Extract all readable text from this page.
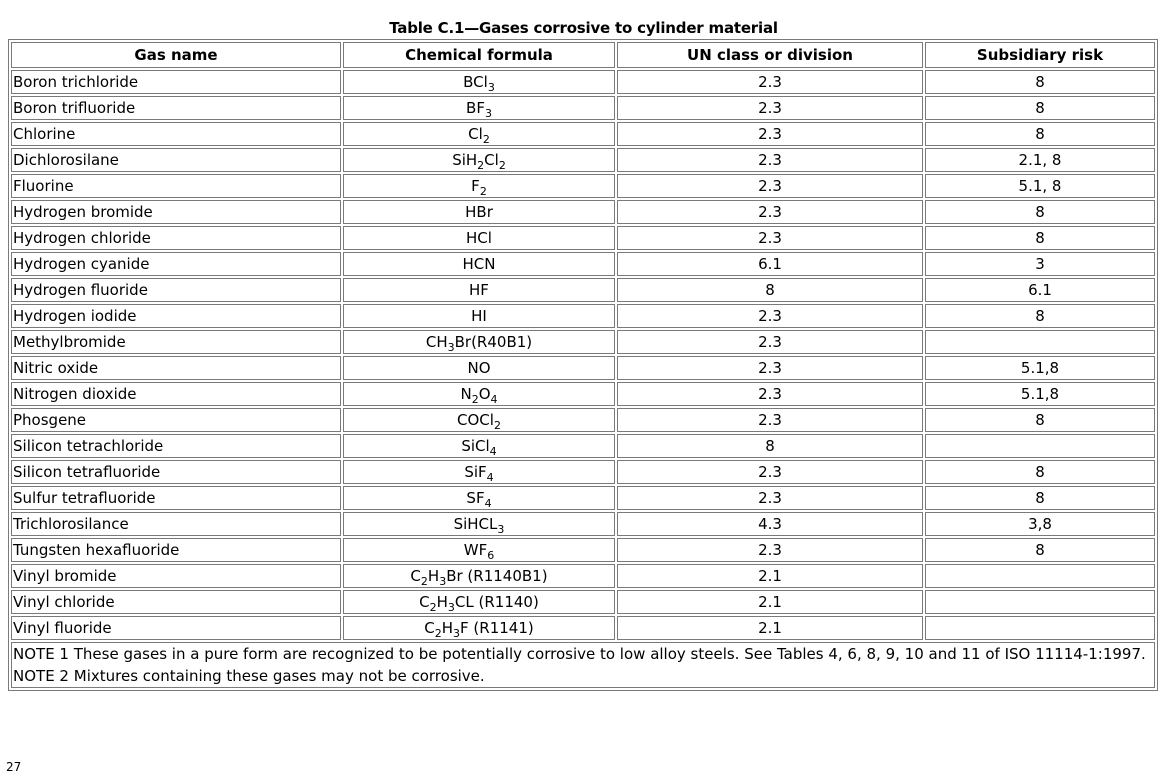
Table C.1—Gases corrosive to cylinder material
Gas name	Chemical formula	UN class or division	Subsidiary risk
Boron trichloride	BCl$_3$	2.3	8
Boron trifluoride	$BF_3$	2.3	8
Chlorine	$Cl_2$	2.3	8
Dichlorosilane	$SiH_2Cl_2$	2.3	2.1, 8
Fluorine	$F_2$	2.3	5.1, 8
Hydrogen bromide	HBr	2.3	8
Hydrogen chloride	HCl	2.3	8
Hydrogen cyanide	HCN	6.1	3
Hydrogen fluoride	HF	8	6.1
Hydrogen iodide	HI	2.3	8
Methylbromide	$CH_3Br(R40B1)$	2.3	
Nitric oxide	NO	2.3	5.1,8
Nitrogen dioxide	$N_2O_4$	2.3	5.1,8
Phosgene	COCl$_2$	2.3	8
Silicon tetrachloride	SiCl$_4$	8	
Silicon tetrafluoride	SiF$_4$	2.3	8
Sulfur tetrafluoride	$SF_4$	2.3	8
Trichlorosilance	SiHCL$_3$	4.3	3,8
Tungsten hexafluoride	$WF_6$	2.3	8
Vinyl bromide	$C_2H_3Br$ (R1140B1)	2.1	
Vinyl chloride	$C_2H_3CL$ (R1140)	2.1	
Vinyl fluoride	$C_2H_3F$ (R1141)	2.1	

NOTE 1 These gases in a pure form are recognized to be potentially corrosive to low alloy steels. See Tables 4, 6, 8, 9, 10 and 11 of ISO 11114-1:1997.
NOTE 2 Mixtures containing these gases may not be corrosive.			
27
